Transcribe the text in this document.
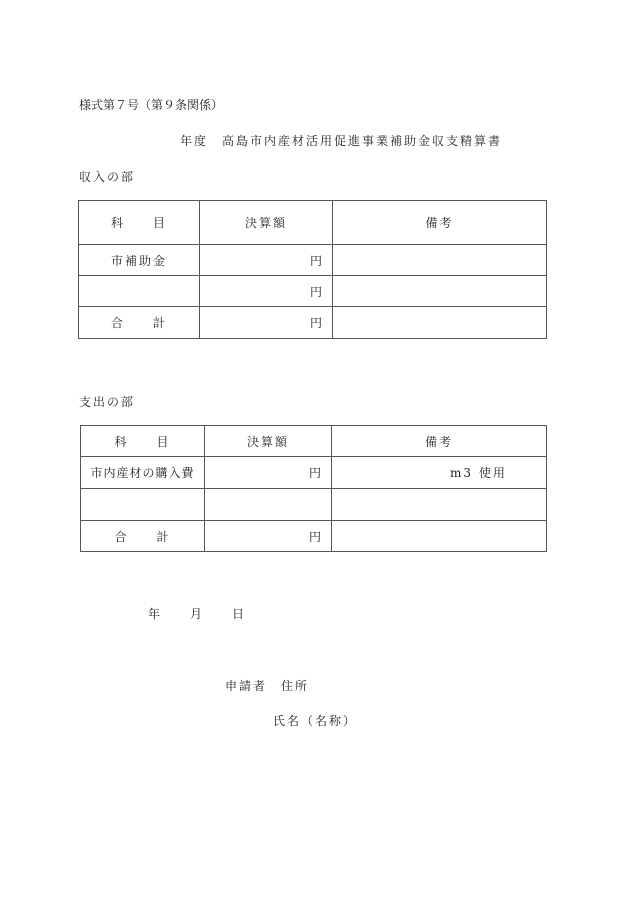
様式第７号（第９条関係）
年度　高島市内産材活用促進事業補助金収支精算書
収入の部
科　　目	決算額	備考
市補助金	円	
	円	
合　　計	円	
支出の部
科　　目	決算額	備考
市内産材の購入費	円	m3 使用

合　　計	円	
年　　月　　日
申請者　住所
氏名（名称）
